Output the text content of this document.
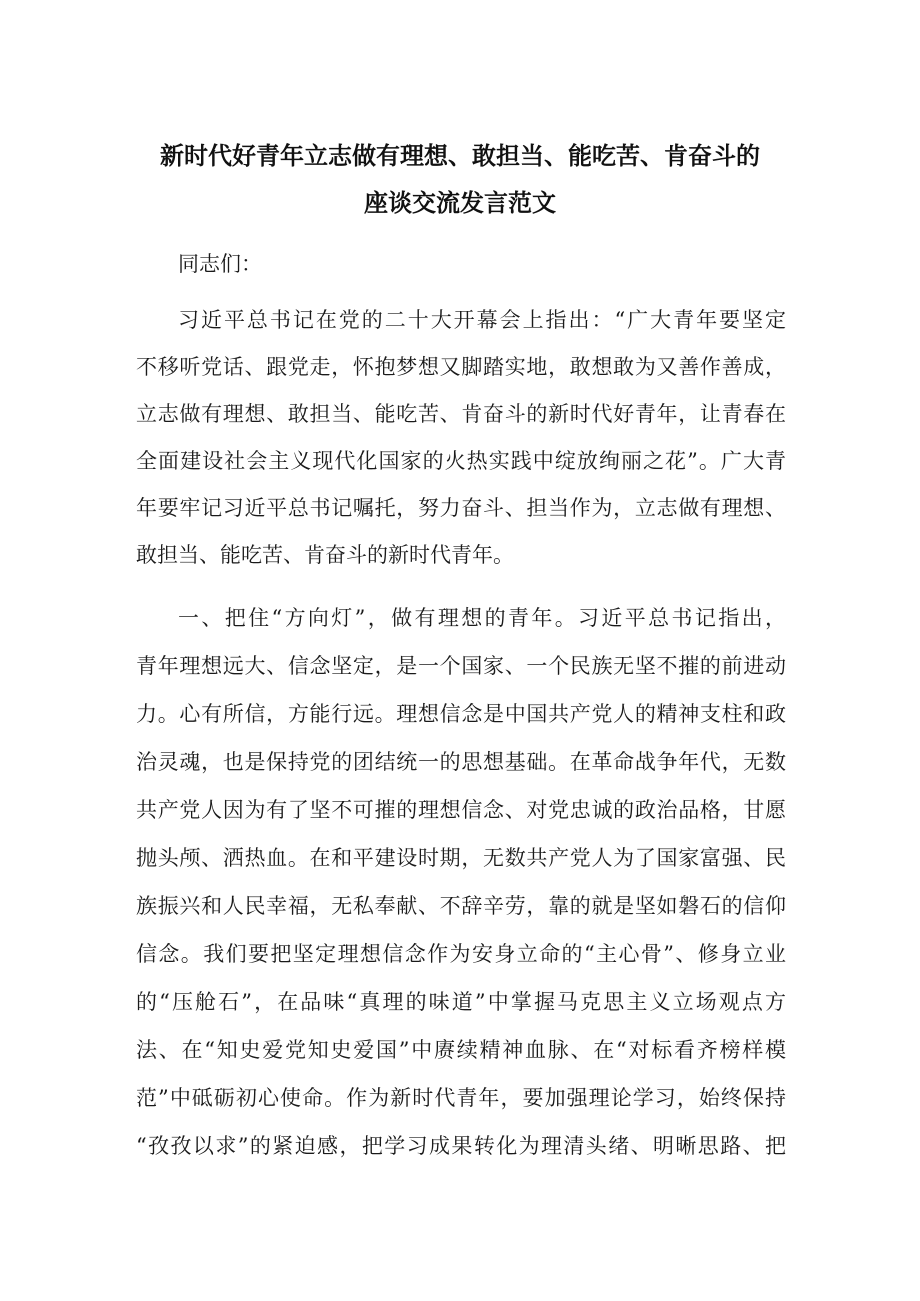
新时代好青年立志做有理想、敢担当、能吃苦、肯奋斗的
座谈交流发言范文
同志们：
习近平总书记在党的二十大开幕会上指出：“广大青年要坚定
不移听党话、跟党走，怀抱梦想又脚踏实地，敢想敢为又善作善成，
立志做有理想、敢担当、能吃苦、肯奋斗的新时代好青年，让青春在
全面建设社会主义现代化国家的火热实践中绽放绚丽之花”。广大青
年要牢记习近平总书记嘱托，努力奋斗、担当作为，立志做有理想、
敢担当、能吃苦、肯奋斗的新时代青年。
一、把住“方向灯”，做有理想的青年。习近平总书记指出，
青年理想远大、信念坚定，是一个国家、一个民族无坚不摧的前进动
力。心有所信，方能行远。理想信念是中国共产党人的精神支柱和政
治灵魂，也是保持党的团结统一的思想基础。在革命战争年代，无数
共产党人因为有了坚不可摧的理想信念、对党忠诚的政治品格，甘愿
抛头颅、洒热血。在和平建设时期，无数共产党人为了国家富强、民
族振兴和人民幸福，无私奉献、不辞辛劳，靠的就是坚如磐石的信仰
信念。我们要把坚定理想信念作为安身立命的“主心骨”、修身立业
的“压舱石”，在品味“真理的味道”中掌握马克思主义立场观点方
法、在“知史爱党知史爱国”中赓续精神血脉、在“对标看齐榜样模
范”中砥砺初心使命。作为新时代青年，要加强理论学习，始终保持
“孜孜以求”的紧迫感，把学习成果转化为理清头绪、明晰思路、把
